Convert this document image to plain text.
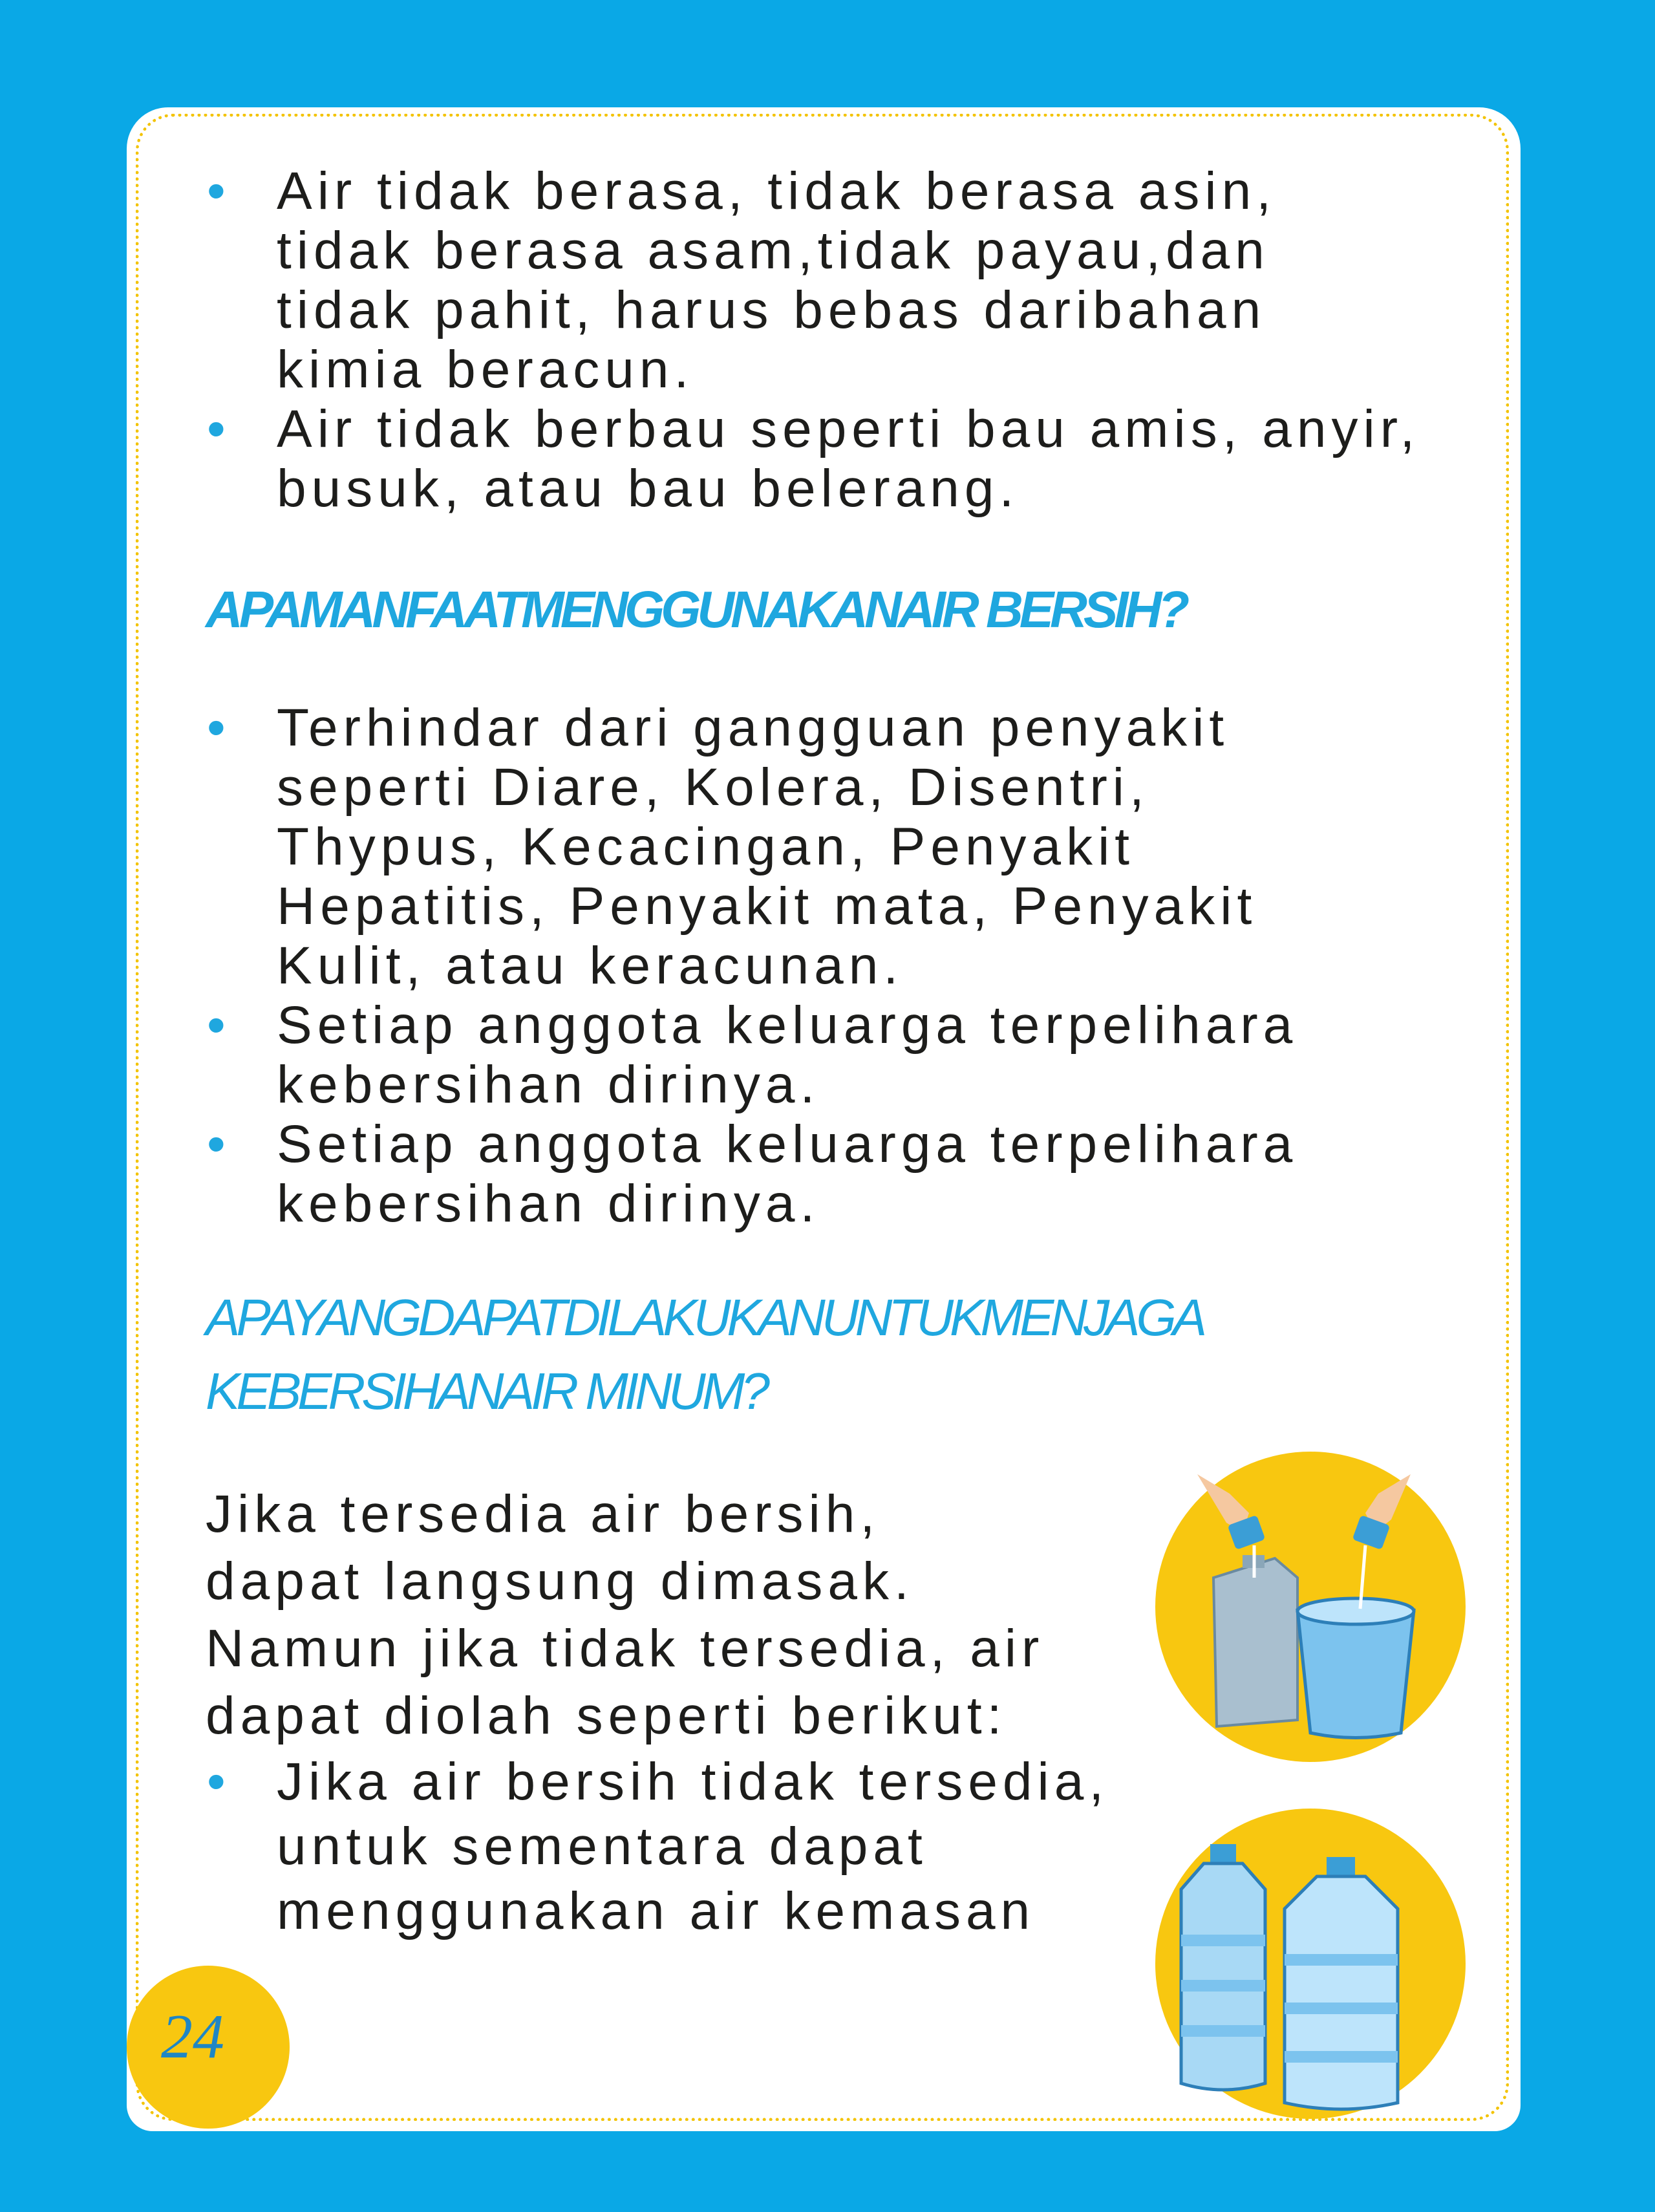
• Air tidak berasa, tidak berasa asin, tidak berasa asam,tidak payau,dan tidak pahit, harus bebas daribahan kimia beracun.
• Air tidak berbau seperti bau amis, anyir, busuk, atau bau belerang.
APAMANFAATMENGGUNAKANAIR BERSIH?
• Terhindar dari gangguan penyakit seperti Diare, Kolera, Disentri, Thypus, Kecacingan, Penyakit Hepatitis, Penyakit mata, Penyakit Kulit, atau keracunan.
• Setiap anggota keluarga terpelihara kebersihan dirinya.
• Setiap anggota keluarga terpelihara kebersihan dirinya.
APAYANGDAPATDILAKUKANUNTUKMENJAGA
KEBERSIHANAIR MINUM?

Jika tersedia air bersih,

dapat langsung dimasak.

Namun jika tidak tersedia, air

dapat diolah seperti berikut:

• Jika air bersih tidak tersedia, untuk sementara dapat menggunakan air kemasan
24
